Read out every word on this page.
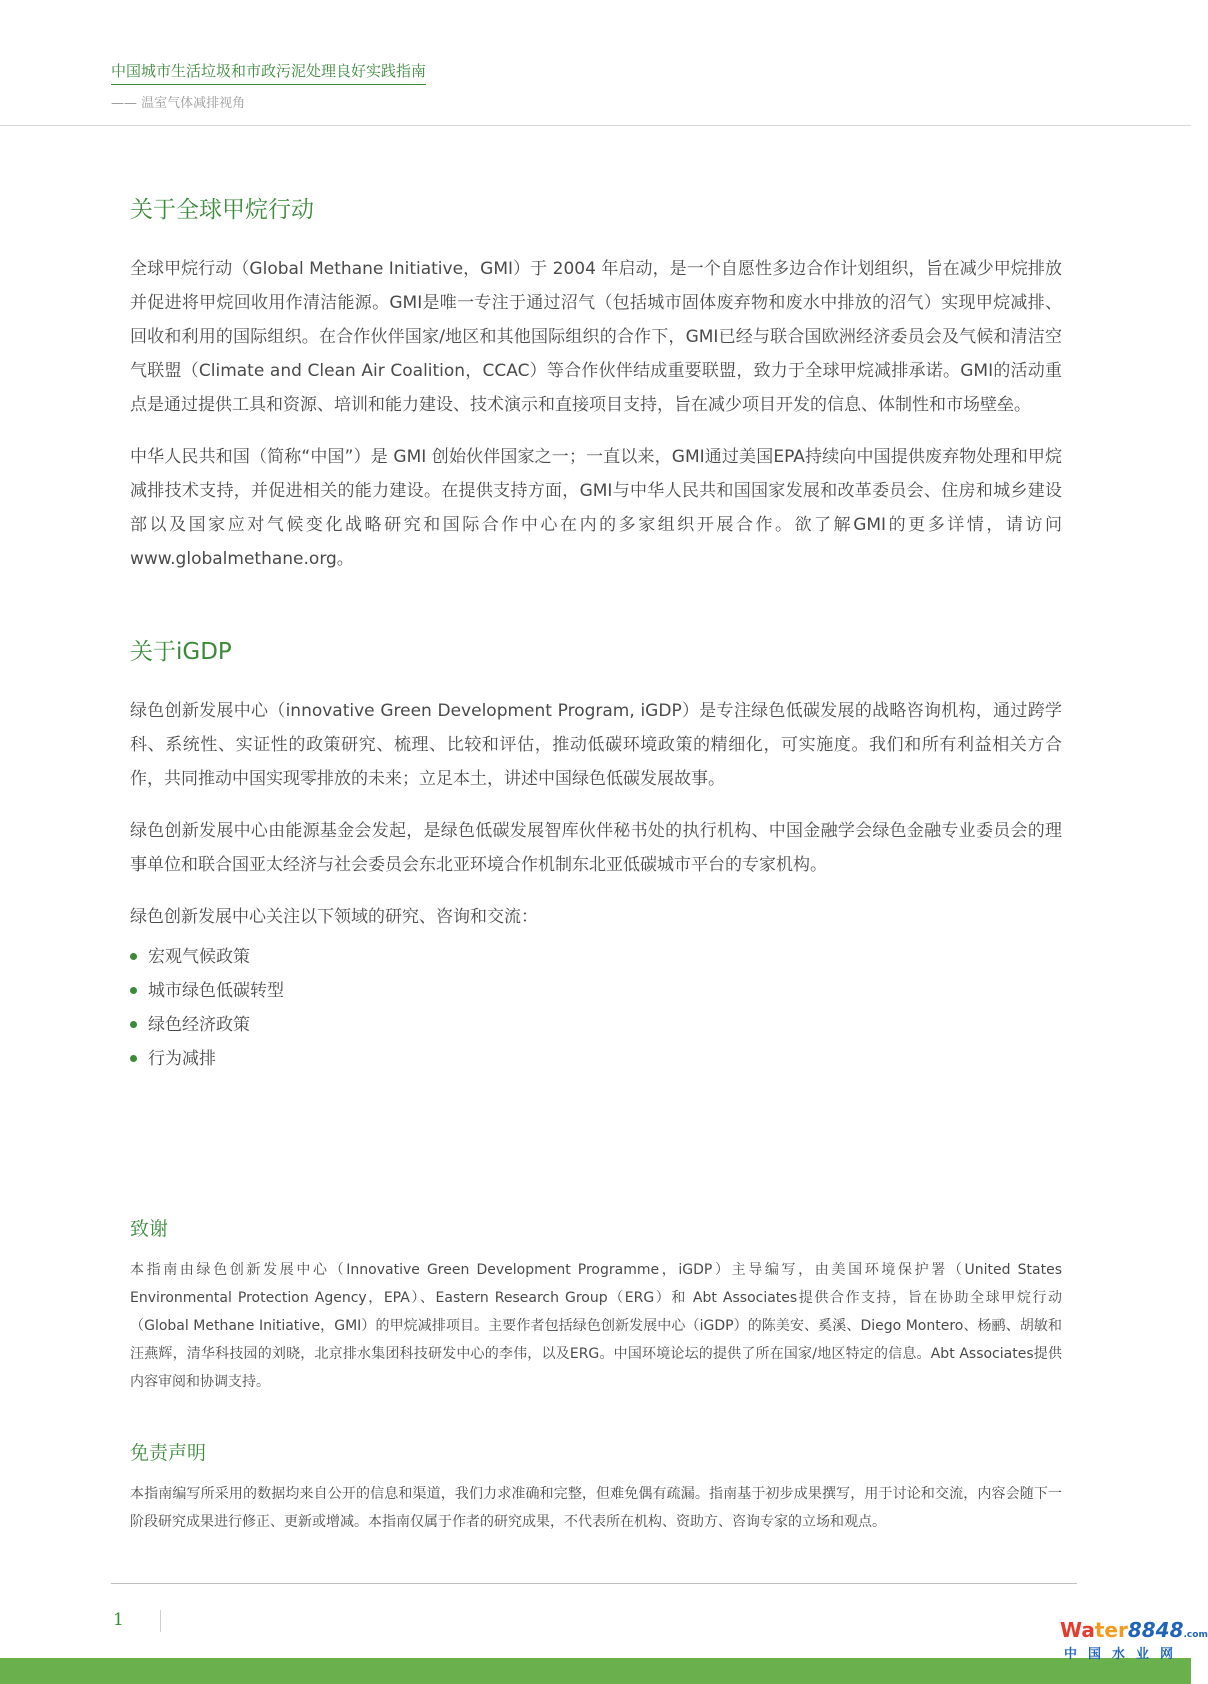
中国城市生活垃圾和市政污泥处理良好实践指南
—— 温室气体减排视角
关于全球甲烷行动

全球甲烷行动（Global Methane Initiative，GMI）于 2004 年启动，是一个自愿性多边合作计划组织，旨在减少甲烷排放并促进将甲烷回收用作清洁能源。GMI是唯一专注于通过沼气（包括城市固体废弃物和废水中排放的沼气）实现甲烷减排、回收和利用的国际组织。在合作伙伴国家/地区和其他国际组织的合作下，GMI已经与联合国欧洲经济委员会及气候和清洁空气联盟（Climate and Clean Air Coalition，CCAC）等合作伙伴结成重要联盟，致力于全球甲烷减排承诺。GMI的活动重点是通过提供工具和资源、培训和能力建设、技术演示和直接项目支持，旨在减少项目开发的信息、体制性和市场壁垒。

中华人民共和国（简称“中国”）是 GMI 创始伙伴国家之一；一直以来，GMI通过美国EPA持续向中国提供废弃物处理和甲烷减排技术支持，并促进相关的能力建设。在提供支持方面，GMI与中华人民共和国国家发展和改革委员会、住房和城乡建设部以及国家应对气候变化战略研究和国际合作中心在内的多家组织开展合作。欲了解GMI的更多详情，请访问 www.globalmethane.org。

关于iGDP

绿色创新发展中心（innovative Green Development Program, iGDP）是专注绿色低碳发展的战略咨询机构，通过跨学科、系统性、实证性的政策研究、梳理、比较和评估，推动低碳环境政策的精细化，可实施度。我们和所有利益相关方合作，共同推动中国实现零排放的未来；立足本土，讲述中国绿色低碳发展故事。

绿色创新发展中心由能源基金会发起，是绿色低碳发展智库伙伴秘书处的执行机构、中国金融学会绿色金融专业委员会的理事单位和联合国亚太经济与社会委员会东北亚环境合作机制东北亚低碳城市平台的专家机构。

绿色创新发展中心关注以下领域的研究、咨询和交流：

宏观气候政策
城市绿色低碳转型
绿色经济政策
行为减排
致谢

本指南由绿色创新发展中心（Innovative Green Development Programme，iGDP）主导编写，由美国环境保护署（United States Environmental Protection Agency，EPA）、Eastern Research Group（ERG）和 Abt Associates提供合作支持，旨在协助全球甲烷行动（Global Methane Initiative，GMI）的甲烷减排项目。主要作者包括绿色创新发展中心（iGDP）的陈美安、奚溪、Diego Montero、杨鹂、胡敏和汪燕辉，清华科技园的刘晓，北京排水集团科技研发中心的李伟，以及ERG。中国环境论坛的提供了所在国家/地区特定的信息。Abt Associates提供内容审阅和协调支持。

免责声明

本指南编写所采用的数据均来自公开的信息和渠道，我们力求准确和完整，但难免偶有疏漏。指南基于初步成果撰写，用于讨论和交流，内容会随下一阶段研究成果进行修正、更新或增减。本指南仅属于作者的研究成果，不代表所在机构、资助方、咨询专家的立场和观点。

1	Water8848.com
中国水业网
